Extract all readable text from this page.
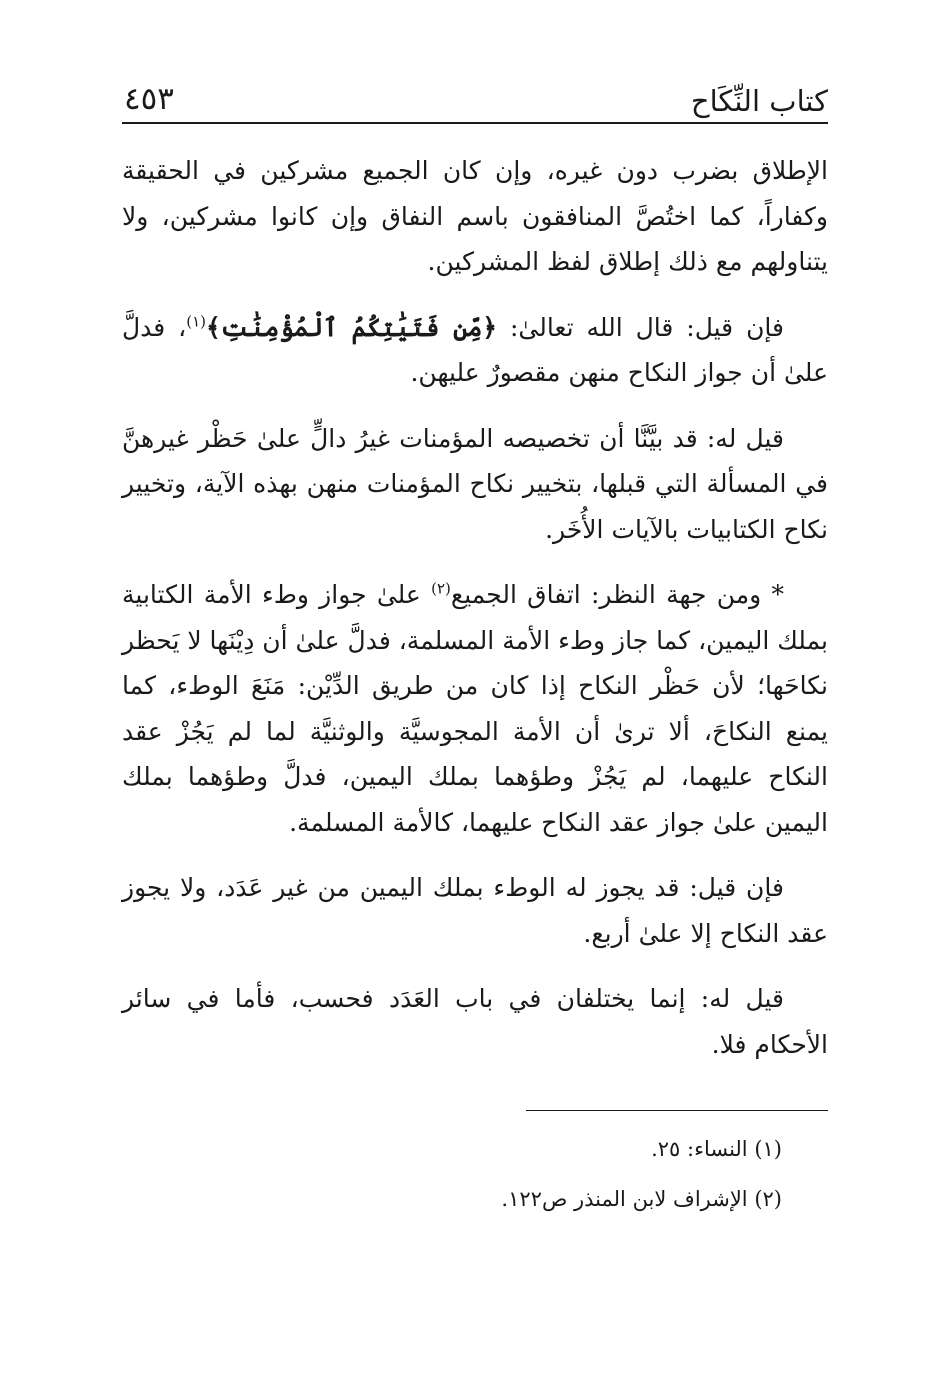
كتاب النِّكَاح
٤٥٣

الإطلاق بضرب دون غيره، وإن كان الجميع مشركين في الحقيقة وكفاراً، كما اختُصَّ المنافقون باسم النفاق وإن كانوا مشركين، ولا يتناولهم مع ذلك إطلاق لفظ المشركين.

فإن قيل: قال الله تعالىٰ: ﴿مِّن فَتَيَٰتِكُمُ ٱلْمُؤْمِنَٰتِ﴾$^{(١)}$، فدلَّ علىٰ أن جواز النكاح منهن مقصورٌ عليهن.

قيل له: قد بيَّنَّا أن تخصيصه المؤمنات غيرُ دالٍّ علىٰ حَظْر غيرهنَّ في المسألة التي قبلها، بتخيير نكاح المؤمنات منهن بهذه الآية، وتخيير نكاح الكتابيات بالآيات الأُخَر.

* ومن جهة النظر: اتفاق الجميع$^{(٢)}$ علىٰ جواز وطء الأمة الكتابية بملك اليمين، كما جاز وطء الأمة المسلمة، فدلَّ علىٰ أن دِيْنَها لا يَحظر نكاحَها؛ لأن حَظْر النكاح إذا كان من طريق الدِّيْن: مَنَعَ الوطء، كما يمنع النكاحَ، ألا ترىٰ أن الأمة المجوسيَّة والوثنيَّة لما لم يَجُزْ عقد النكاح عليهما، لم يَجُزْ وطؤهما بملك اليمين، فدلَّ وطؤهما بملك اليمين علىٰ جواز عقد النكاح عليهما، كالأمة المسلمة.

فإن قيل: قد يجوز له الوطء بملك اليمين من غير عَدَد، ولا يجوز عقد النكاح إلا علىٰ أربع.

قيل له: إنما يختلفان في باب العَدَد فحسب، فأما في سائر الأحكام فلا.

(١) النساء: ٢٥.

(٢) الإشراف لابن المنذر ص١٢٢.
